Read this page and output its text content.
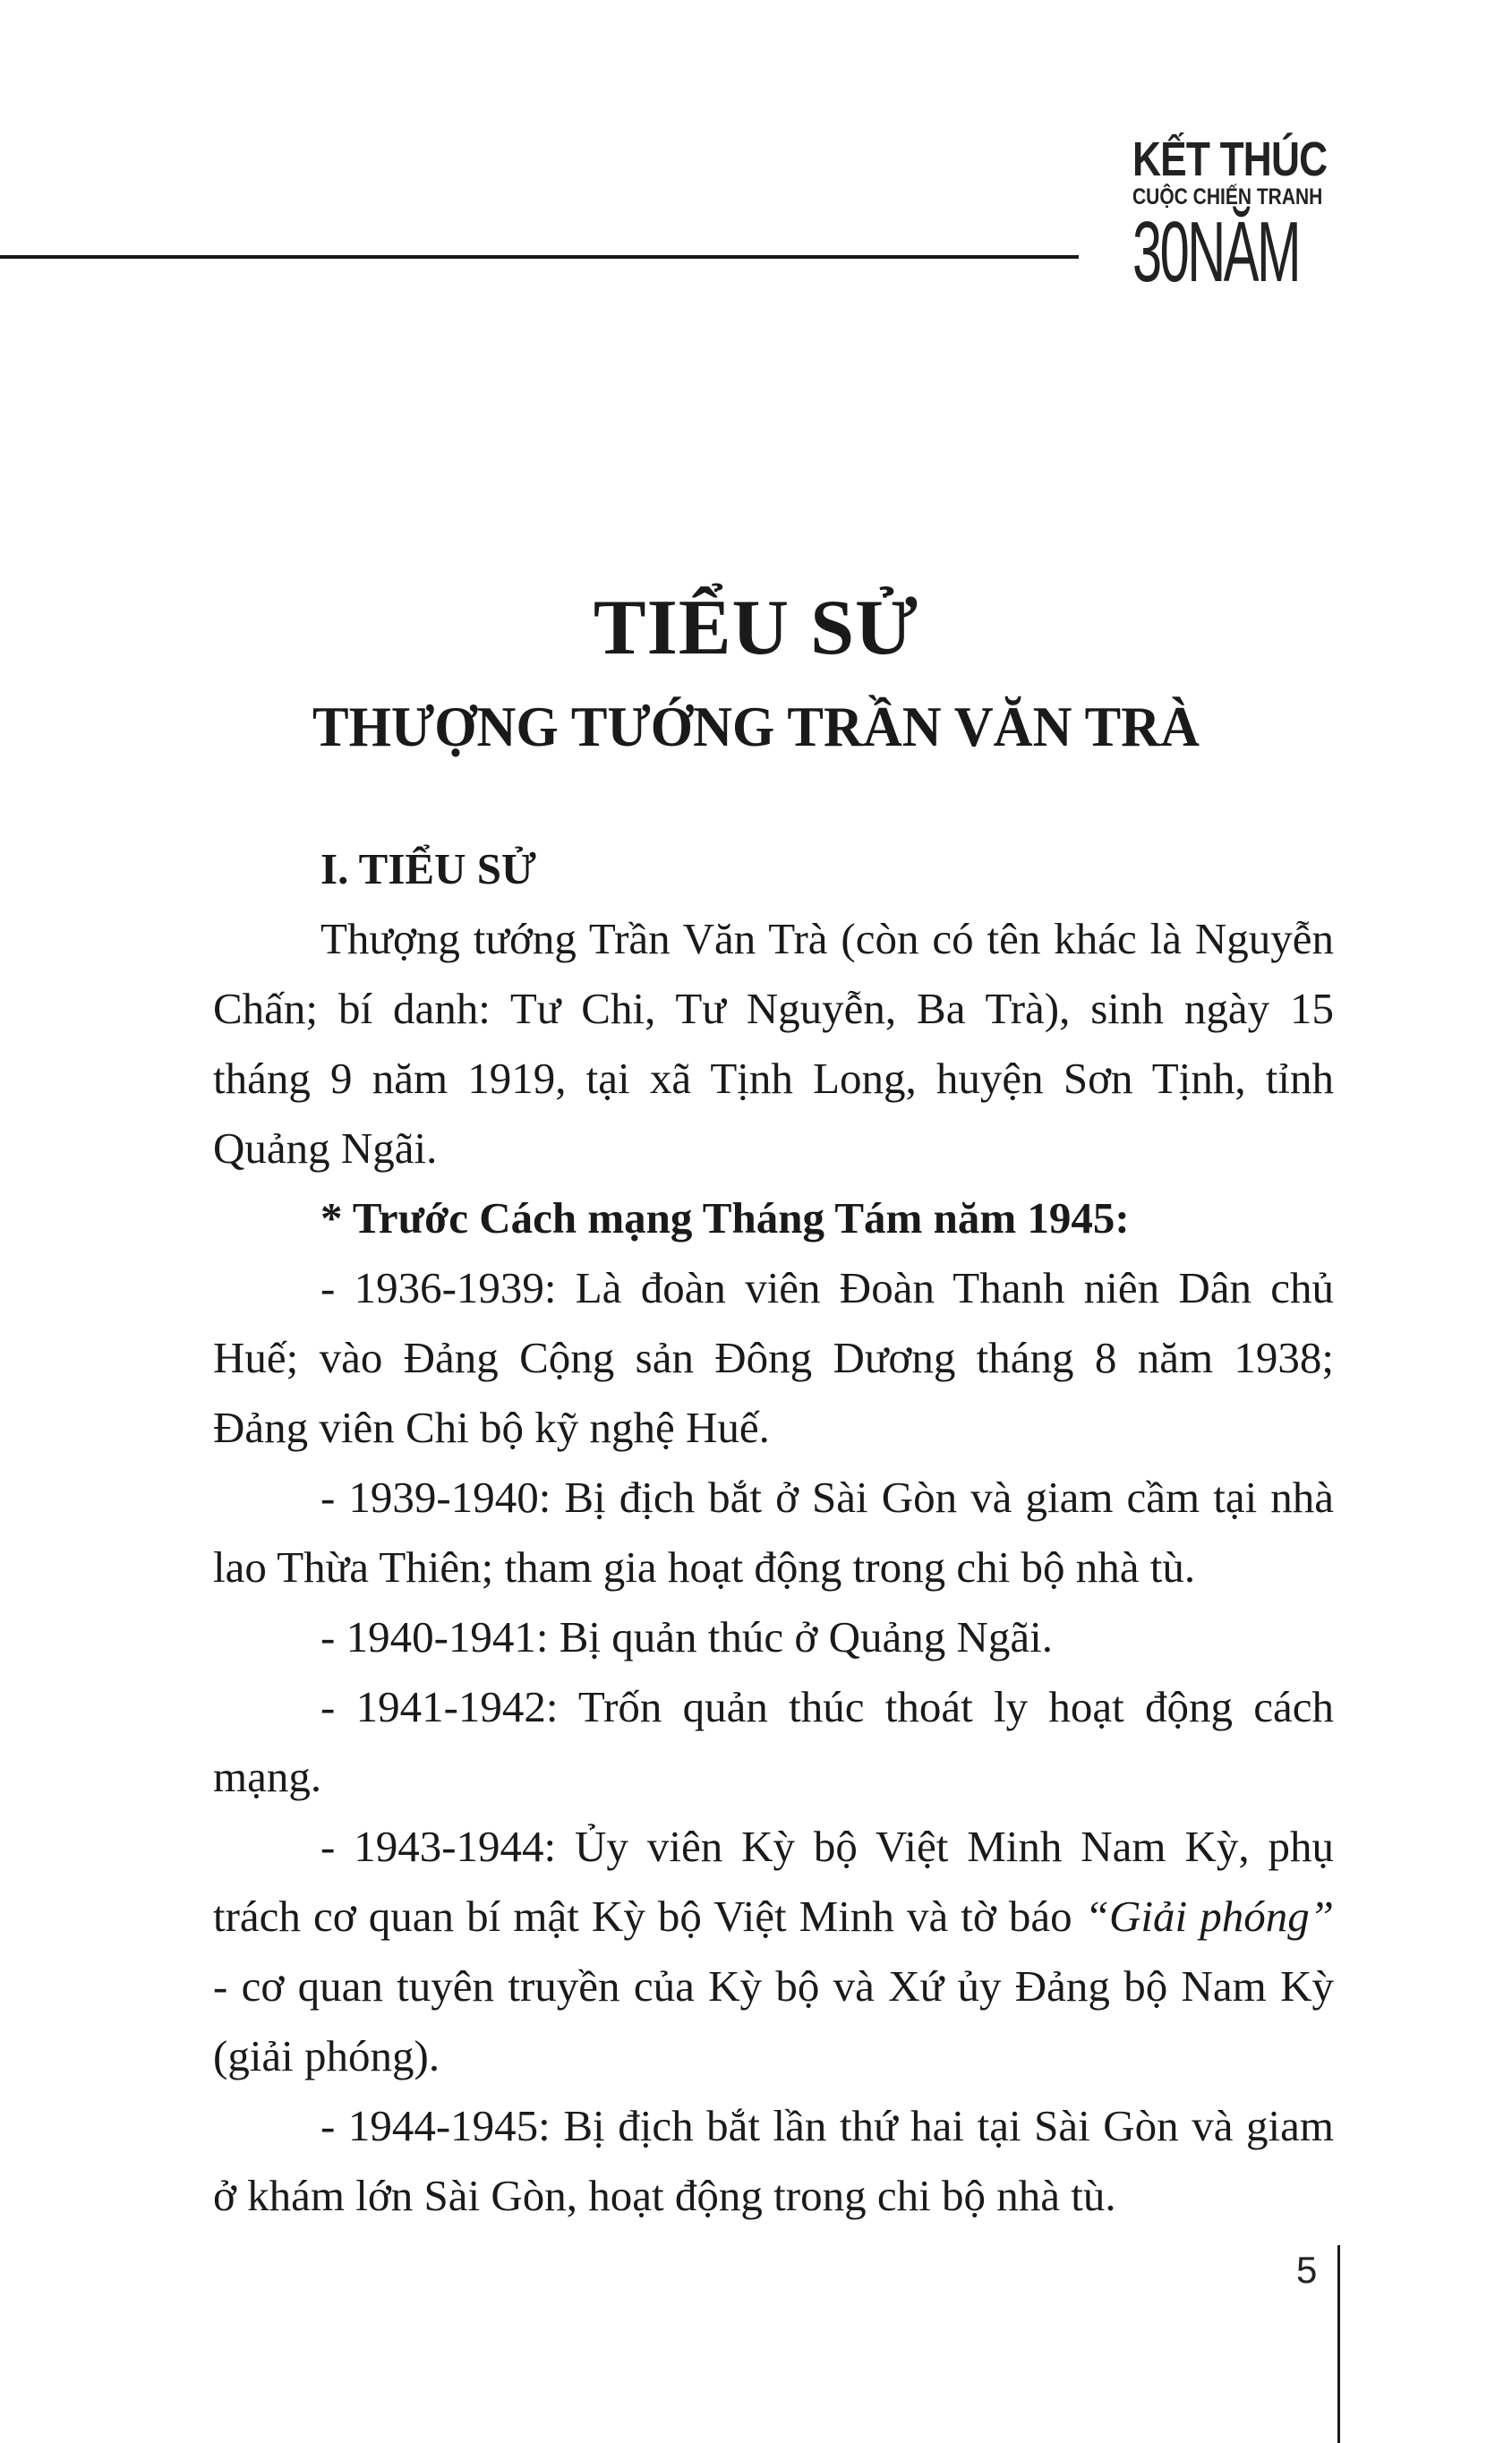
KẾT THÚC
CUỘC CHIẾN TRANH
30NĂM
TIỂU SỬ
THƯỢNG TƯỚNG TRẦN VĂN TRÀ

I. TIỂU SỬ

Thượng tướng Trần Văn Trà (còn có tên khác là Nguyễn Chấn; bí danh: Tư Chi, Tư Nguyễn, Ba Trà), sinh ngày 15 tháng 9 năm 1919, tại xã Tịnh Long, huyện Sơn Tịnh, tỉnh Quảng Ngãi.

* Trước Cách mạng Tháng Tám năm 1945:

- 1936-1939: Là đoàn viên Đoàn Thanh niên Dân chủ Huế; vào Đảng Cộng sản Đông Dương tháng 8 năm 1938; Đảng viên Chi bộ kỹ nghệ Huế.

- 1939-1940: Bị địch bắt ở Sài Gòn và giam cầm tại nhà lao Thừa Thiên; tham gia hoạt động trong chi bộ nhà tù.

- 1940-1941: Bị quản thúc ở Quảng Ngãi.

- 1941-1942: Trốn quản thúc thoát ly hoạt động cách mạng.

- 1943-1944: Ủy viên Kỳ bộ Việt Minh Nam Kỳ, phụ trách cơ quan bí mật Kỳ bộ Việt Minh và tờ báo “Giải phóng” - cơ quan tuyên truyền của Kỳ bộ và Xứ ủy Đảng bộ Nam Kỳ (giải phóng).

- 1944-1945: Bị địch bắt lần thứ hai tại Sài Gòn và giam ở khám lớn Sài Gòn, hoạt động trong chi bộ nhà tù.

5
